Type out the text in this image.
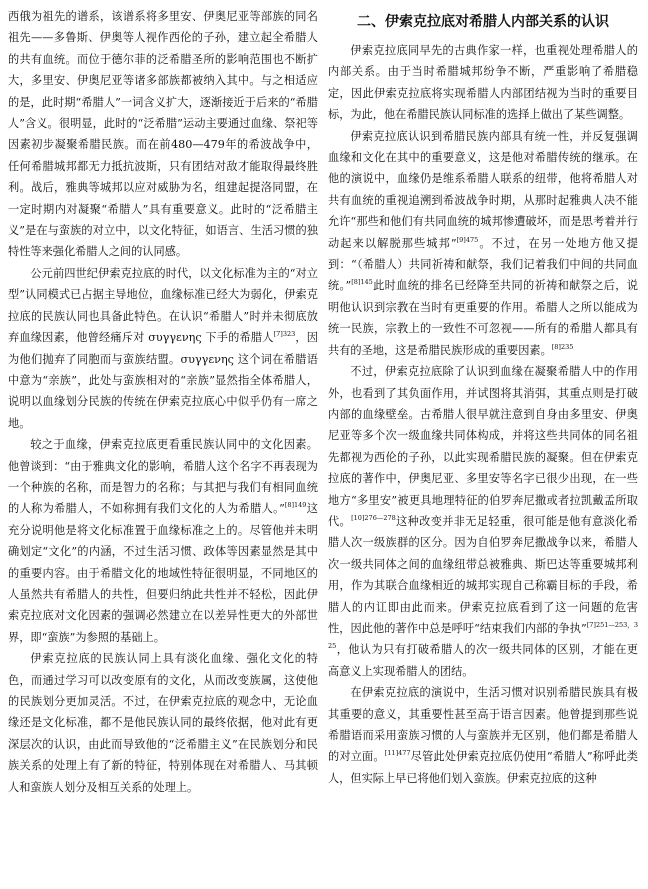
西俄为祖先的谱系，该谱系将多里安、伊奥尼亚等部族的同名祖先——多鲁斯、伊奥等人视作西伦的子孙，建立起全希腊人的共有血统。而位于德尔菲的泛希腊圣所的影响范围也不断扩大，多里安、伊奥尼亚等诸多部族都被纳入其中。与之相适应的是，此时期“希腊人”一词含义扩大，逐渐接近于后来的“希腊人”含义。很明显，此时的“泛希腊”运动主要通过血缘、祭祀等因素初步凝聚希腊民族。而在前480—479年的希波战争中，任何希腊城邦都无力抵抗波斯，只有团结对敌才能取得最终胜利。战后，雅典等城邦以应对威胁为名，组建起提洛同盟，在一定时期内对凝聚“希腊人”具有重要意义。此时的“泛希腊主义”是在与蛮族的对立中，以文化特征，如语言、生活习惯的独特性等来强化希腊人之间的认同感。

公元前四世纪伊索克拉底的时代，以文化标准为主的“对立型”认同模式已占据主导地位，血缘标准已经大为弱化，伊索克拉底的民族认同也具备此特色。在认识“希腊人”时并未彻底放弃血缘因素，他曾经痛斥对 συγγενης 下手的希腊人$^{[7]323}$，因为他们抛弃了同胞而与蛮族结盟。συγγενης 这个词在希腊语中意为“亲族”，此处与蛮族相对的“亲族”显然指全体希腊人，说明以血缘划分民族的传统在伊索克拉底心中似乎仍有一席之地。

较之于血缘，伊索克拉底更看重民族认同中的文化因素。他曾谈到：“由于雅典文化的影响，希腊人这个名字不再表现为一个种族的名称，而是智力的名称；与其把与我们有相同血统的人称为希腊人，不如称拥有我们文化的人为希腊人。”$^{[8]149}$这充分说明他是将文化标准置于血缘标准之上的。尽管他并未明确划定“文化”的内涵，不过生活习惯、政体等因素显然是其中的重要内容。由于希腊文化的地域性特征很明显，不同地区的人虽然共有希腊人的共性，但要归纳此共性并不轻松，因此伊索克拉底对文化因素的强调必然建立在以差异性更大的外部世界，即“蛮族”为参照的基础上。

伊索克拉底的民族认同上具有淡化血缘、强化文化的特色，而通过学习可以改变原有的文化，从而改变族属，这使他的民族划分更加灵活。不过，在伊索克拉底的观念中，无论血缘还是文化标准，都不是他民族认同的最终依据，他对此有更深层次的认识，由此而导致他的“泛希腊主义”在民族划分和民族关系的处理上有了新的特征，特别体现在对希腊人、马其顿人和蛮族人划分及相互关系的处理上。

二、伊索克拉底对希腊人内部关系的认识

伊索克拉底同早先的古典作家一样，也重视处理希腊人的内部关系。由于当时希腊城邦纷争不断，严重影响了希腊稳定，因此伊索克拉底将实现希腊人内部团结视为当时的重要目标，为此，他在希腊民族认同标准的选择上做出了某些调整。

伊索克拉底认识到希腊民族内部具有统一性，并反复强调血缘和文化在其中的重要意义，这是他对希腊传统的继承。在他的演说中，血缘仍是维系希腊人联系的纽带，他将希腊人对共有血统的重视追溯到希波战争时期，从那时起雅典人决不能允许“那些和他们有共同血统的城邦惨遭破坏，而是思考着并行动起来以解脱那些城邦”$^{[9]475}$。不过，在另一处地方他又提到：“（希腊人）共同祈祷和献祭，我们记着我们中间的共同血统。”$^{[8]145}$此时血统的排名已经降至共同的祈祷和献祭之后，说明他认识到宗教在当时有更重要的作用。希腊人之所以能成为统一民族，宗教上的一致性不可忽视——所有的希腊人都具有共有的圣地，这是希腊民族形成的重要因素。$^{[8]235}$

不过，伊索克拉底除了认识到血缘在凝聚希腊人中的作用外，也看到了其负面作用，并试图将其消弭，其重点则是打破内部的血缘壁垒。古希腊人很早就注意到自身由多里安、伊奥尼亚等多个次一级血缘共同体构成，并将这些共同体的同名祖先都视为西伦的子孙，以此实现希腊民族的凝聚。但在伊索克拉底的著作中，伊奥尼亚、多里安等名字已很少出现，在一些地方“多里安”被更具地理特征的伯罗奔尼撒或者拉凯戴孟所取代。$^{[10]276—278}$这种改变并非无足轻重，很可能是他有意淡化希腊人次一级族群的区分。因为自伯罗奔尼撒战争以来，希腊人次一级共同体之间的血缘纽带总被雅典、斯巴达等重要城邦利用，作为其联合血缘相近的城邦实现自己称霸目标的手段，希腊人的内讧即由此而来。伊索克拉底看到了这一问题的危害性，因此他的著作中总是呼吁“结束我们内部的争执”$^{[7]251—253,325}$，他认为只有打破希腊人的次一级共同体的区别，才能在更高意义上实现希腊人的团结。

在伊索克拉底的演说中，生活习惯对识别希腊民族具有极其重要的意义，其重要性甚至高于语言因素。他曾提到那些说希腊语而采用蛮族习惯的人与蛮族并无区别，他们都是希腊人的对立面。$^{[11]477}$尽管此处伊索克拉底仍使用“希腊人”称呼此类人，但实际上早已将他们划入蛮族。伊索克拉底的这种
